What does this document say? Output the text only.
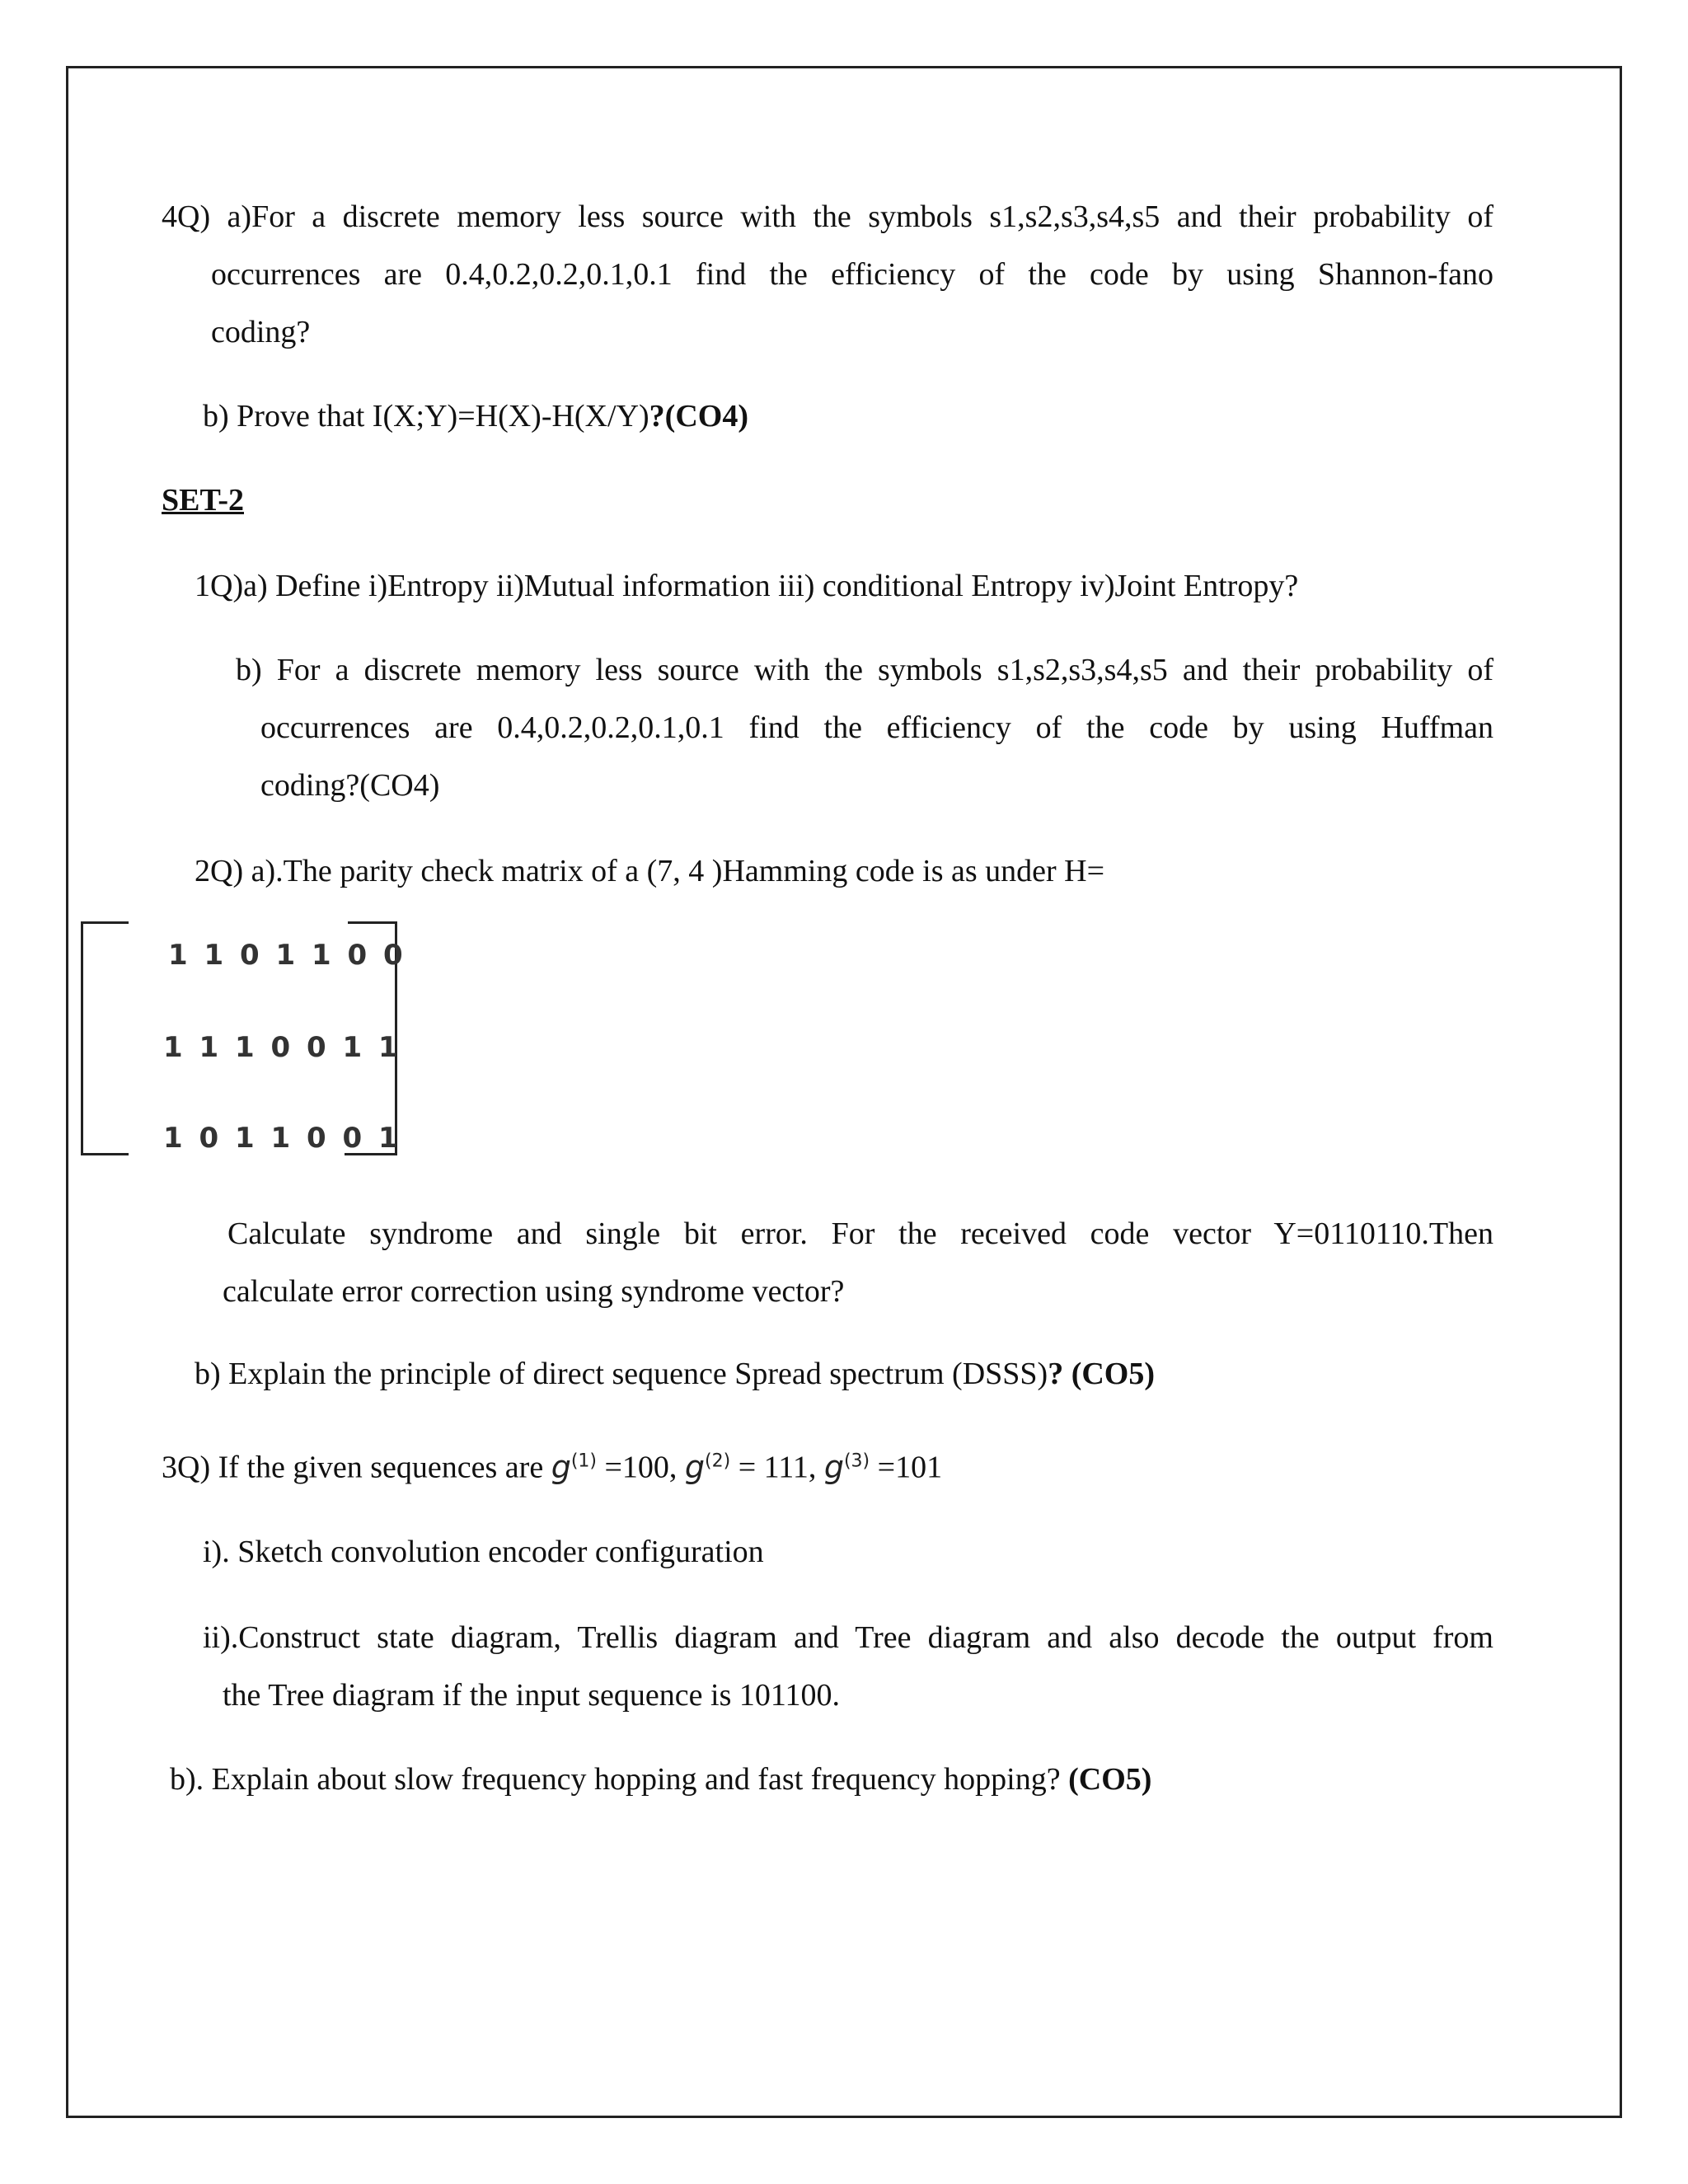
4Q) a)For a discrete memory less source with the symbols s1,s2,s3,s4,s5 and their probability of
occurrences are 0.4,0.2,0.2,0.1,0.1 find the efficiency of the code by using Shannon-fano
coding?
b) Prove that I(X;Y)=H(X)-H(X/Y)?(CO4)
SET-2
1Q)a) Define i)Entropy ii)Mutual information iii) conditional Entropy iv)Joint Entropy?
b) For a discrete memory less source with the symbols s1,s2,s3,s4,s5 and their probability of
occurrences are 0.4,0.2,0.2,0.1,0.1 find the efficiency of the code by using Huffman
coding?(CO4)
2Q) a).The parity check matrix of a (7, 4 )Hamming code is as under H=
1 1 0 1 1 0 0
1 1 1 0 0 1 1
1 0 1 1 0 0 1
Calculate syndrome and single bit error. For the received code vector Y=0110110.Then
calculate error correction using syndrome vector?
b) Explain the principle of direct sequence Spread spectrum (DSSS)? (CO5)
3Q) If the given sequences are $g^{(1)} =100$, $g^{(2)} = 111$, $g^{(3)} =101$
i). Sketch convolution encoder configuration
ii).Construct state diagram, Trellis diagram and Tree diagram and also decode the output from
the Tree diagram if the input sequence is 101100.
b). Explain about slow frequency hopping and fast frequency hopping? (CO5)
